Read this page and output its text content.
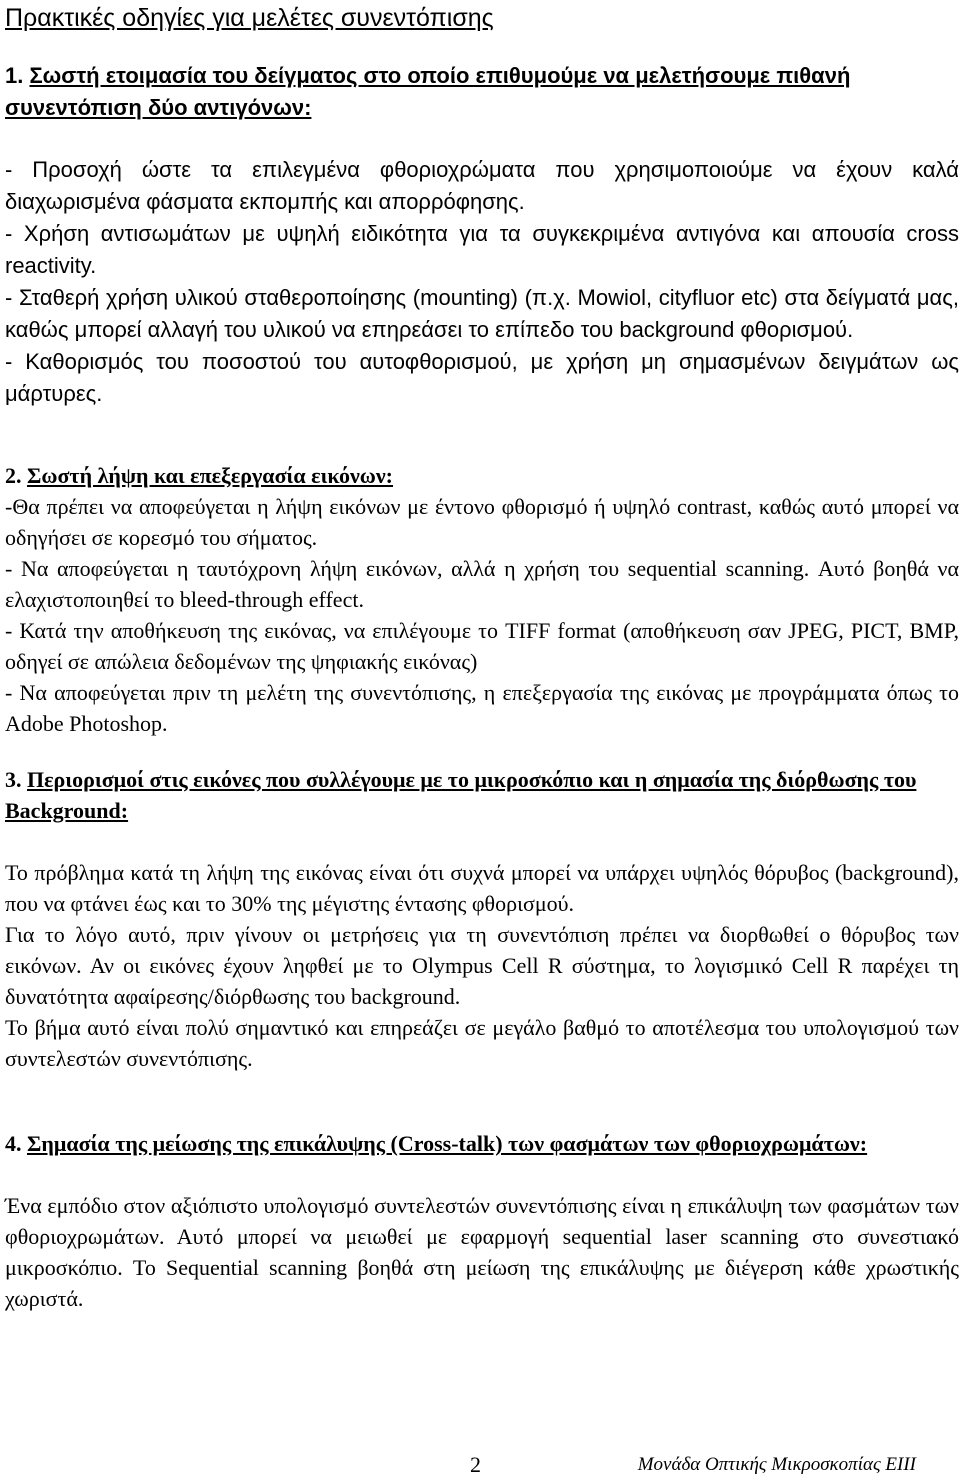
Πρακτικές οδηγίες για μελέτες συνεντόπισης

1. Σωστή ετοιμασία του δείγματος στο οποίο επιθυμούμε να μελετήσουμε πιθανή συνεντόπιση δύο αντιγόνων:

- Προσοχή ώστε τα επιλεγμένα φθοριοχρώματα που χρησιμοποιούμε να έχουν καλά διαχωρισμένα φάσματα εκπομπής και απορρόφησης.

- Χρήση αντισωμάτων με υψηλή ειδικότητα για τα συγκεκριμένα αντιγόνα και απουσία cross reactivity.

- Σταθερή χρήση υλικού σταθεροποίησης (mounting) (π.χ. Mowiol, cityfluor etc) στα δείγματά μας, καθώς μπορεί αλλαγή του υλικού να επηρεάσει το επίπεδο του background φθορισμού.

- Καθορισμός του ποσοστού του αυτοφθορισμού, με χρήση μη σημασμένων δειγμάτων ως μάρτυρες.

2. Σωστή λήψη και επεξεργασία εικόνων:

-Θα πρέπει να αποφεύγεται η λήψη εικόνων με έντονο φθορισμό ή υψηλό contrast, καθώς αυτό μπορεί να οδηγήσει σε κορεσμό του σήματος.

- Να αποφεύγεται η ταυτόχρονη λήψη εικόνων, αλλά η χρήση του sequential scanning. Αυτό βοηθά να ελαχιστοποιηθεί το bleed-through effect.

- Κατά την αποθήκευση της εικόνας, να επιλέγουμε το TIFF format (αποθήκευση σαν JPEG, PICT, BMP, οδηγεί σε απώλεια δεδομένων της ψηφιακής εικόνας)

- Να αποφεύγεται πριν τη μελέτη της συνεντόπισης, η επεξεργασία της εικόνας με προγράμματα όπως το Adobe Photoshop.

3. Περιορισμοί στις εικόνες που συλλέγουμε με το μικροσκόπιο και η σημασία της διόρθωσης του Background:

Το πρόβλημα κατά τη λήψη της εικόνας είναι ότι συχνά μπορεί να υπάρχει υψηλός θόρυβος (background), που να φτάνει έως και το 30% της μέγιστης έντασης φθορισμού.

Για το λόγο αυτό, πριν γίνουν οι μετρήσεις για τη συνεντόπιση πρέπει να διορθωθεί ο θόρυβος των εικόνων. Αν οι εικόνες έχουν ληφθεί με το Olympus Cell R σύστημα, το λογισμικό Cell R παρέχει τη δυνατότητα αφαίρεσης/διόρθωσης του background.

Το βήμα αυτό είναι πολύ σημαντικό και επηρεάζει σε μεγάλο βαθμό το αποτέλεσμα του υπολογισμού των συντελεστών συνεντόπισης.

4. Σημασία της μείωσης της επικάλυψης (Cross-talk) των φασμάτων των φθοριοχρωμάτων:

Ένα εμπόδιο στον αξιόπιστο υπολογισμό συντελεστών συνεντόπισης είναι η επικάλυψη των φασμάτων των φθοριοχρωμάτων. Αυτό μπορεί να μειωθεί με εφαρμογή sequential laser scanning στο συνεστιακό μικροσκόπιο. To Sequential scanning βοηθά στη μείωση της επικάλυψης με διέγερση κάθε χρωστικής χωριστά.

2	Μονάδα Οπτικής Μικροσκοπίας ΕΙΙΙ
